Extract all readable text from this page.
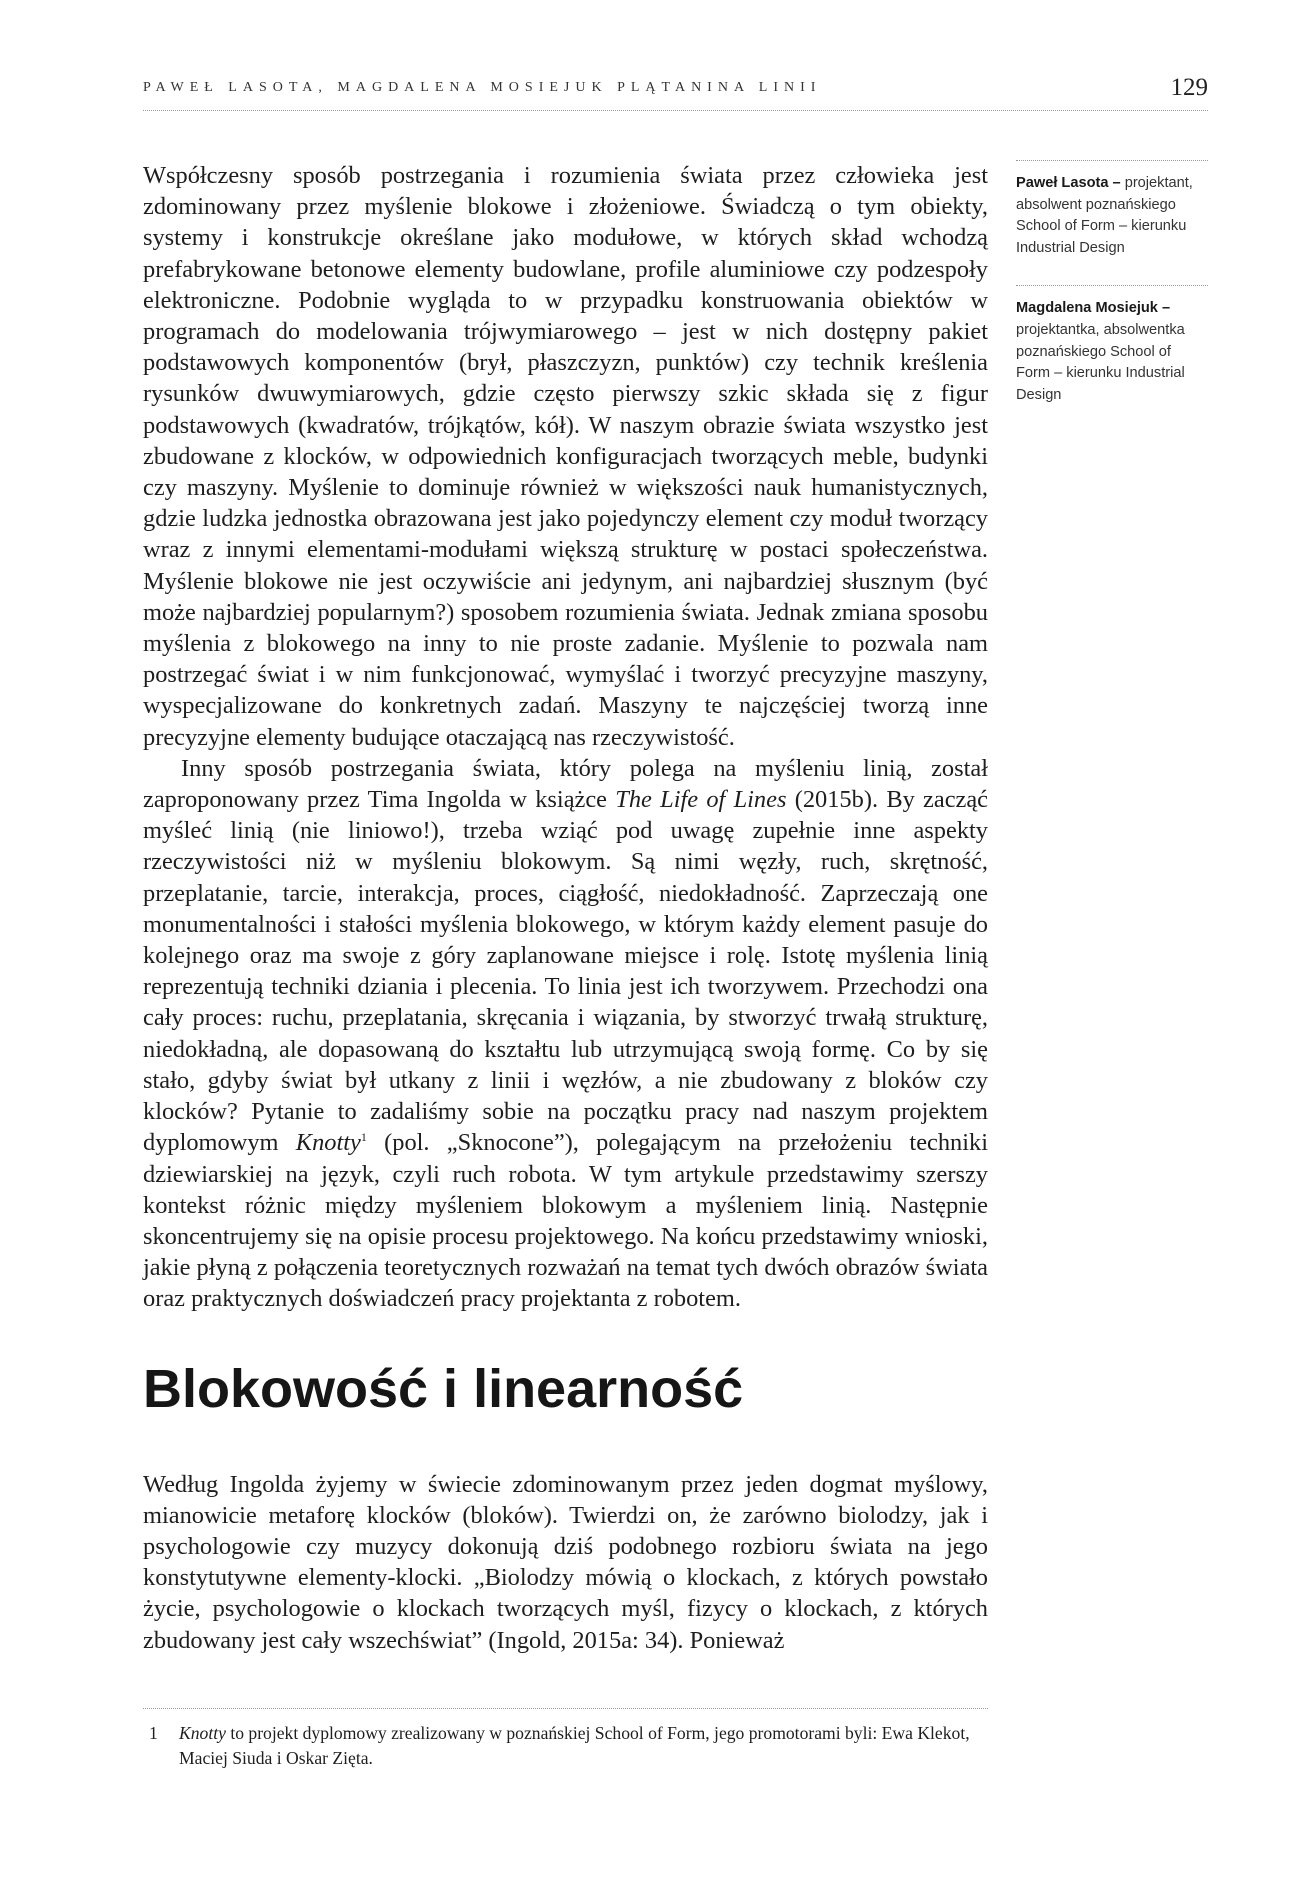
PAWEŁ LASOTA, MAGDALENA MOSIEJUK PLĄTANINA LINII	129

Współczesny sposób postrzegania i rozumienia świata przez człowieka jest zdominowany przez myślenie blokowe i złożeniowe. Świadczą o tym obiekty, systemy i konstrukcje określane jako modułowe, w których skład wchodzą prefabrykowane betonowe elementy budowlane, profile aluminiowe czy podzespoły elektroniczne. Podobnie wygląda to w przypadku konstruowania obiektów w programach do modelowania trójwymiarowego – jest w nich dostępny pakiet podstawowych komponentów (brył, płaszczyzn, punktów) czy technik kreślenia rysunków dwuwymiarowych, gdzie często pierwszy szkic składa się z figur podstawowych (kwadratów, trójkątów, kół). W naszym obrazie świata wszystko jest zbudowane z klocków, w odpowiednich konfiguracjach tworzących meble, budynki czy maszyny. Myślenie to dominuje również w większości nauk humanistycznych, gdzie ludzka jednostka obrazowana jest jako pojedynczy element czy moduł tworzący wraz z innymi elementami-modułami większą strukturę w postaci społeczeństwa. Myślenie blokowe nie jest oczywiście ani jedynym, ani najbardziej słusznym (być może najbardziej popularnym?) sposobem rozumienia świata. Jednak zmiana sposobu myślenia z blokowego na inny to nie proste zadanie. Myślenie to pozwala nam postrzegać świat i w nim funkcjonować, wymyślać i tworzyć precyzyjne maszyny, wyspecjalizowane do konkretnych zadań. Maszyny te najczęściej tworzą inne precyzyjne elementy budujące otaczającą nas rzeczywistość.

Inny sposób postrzegania świata, który polega na myśleniu linią, został zaproponowany przez Tima Ingolda w książce The Life of Lines (2015b). By zacząć myśleć linią (nie liniowo!), trzeba wziąć pod uwagę zupełnie inne aspekty rzeczywistości niż w myśleniu blokowym. Są nimi węzły, ruch, skrętność, przeplatanie, tarcie, interakcja, proces, ciągłość, niedokładność. Zaprzeczają one monumentalności i stałości myślenia blokowego, w którym każdy element pasuje do kolejnego oraz ma swoje z góry zaplanowane miejsce i rolę. Istotę myślenia linią reprezentują techniki dziania i plecenia. To linia jest ich tworzywem. Przechodzi ona cały proces: ruchu, przeplatania, skręcania i wiązania, by stworzyć trwałą strukturę, niedokładną, ale dopasowaną do kształtu lub utrzymującą swoją formę. Co by się stało, gdyby świat był utkany z linii i węzłów, a nie zbudowany z bloków czy klocków? Pytanie to zadaliśmy sobie na początku pracy nad naszym projektem dyplomowym Knotty$^1$ (pol. „Sknocone”), polegającym na przełożeniu techniki dziewiarskiej na język, czyli ruch robota. W tym artykule przedstawimy szerszy kontekst różnic między myśleniem blokowym a myśleniem linią. Następnie skoncentrujemy się na opisie procesu projektowego. Na końcu przedstawimy wnioski, jakie płyną z połączenia teoretycznych rozważań na temat tych dwóch obrazów świata oraz praktycznych doświadczeń pracy projektanta z robotem.

Blokowość i linearność

Według Ingolda żyjemy w świecie zdominowanym przez jeden dogmat myślowy, mianowicie metaforę klocków (bloków). Twierdzi on, że zarówno biolodzy, jak i psychologowie czy muzycy dokonują dziś podobnego rozbioru świata na jego konstytutywne elementy-klocki. „Biolodzy mówią o klockach, z których powstało życie, psychologowie o klockach tworzących myśl, fizycy o klockach, z których zbudowany jest cały wszechświat” (Ingold, 2015a: 34). Ponieważ

Paweł Lasota – projektant, absolwent poznańskiego School of Form – kierunku Industrial Design
Magdalena Mosiejuk – projektantka, absolwentka poznańskiego School of Form – kierunku Industrial Design
1 Knotty to projekt dyplomowy zrealizowany w poznańskiej School of Form, jego promotorami byli: Ewa Klekot, Maciej Siuda i Oskar Zięta.
